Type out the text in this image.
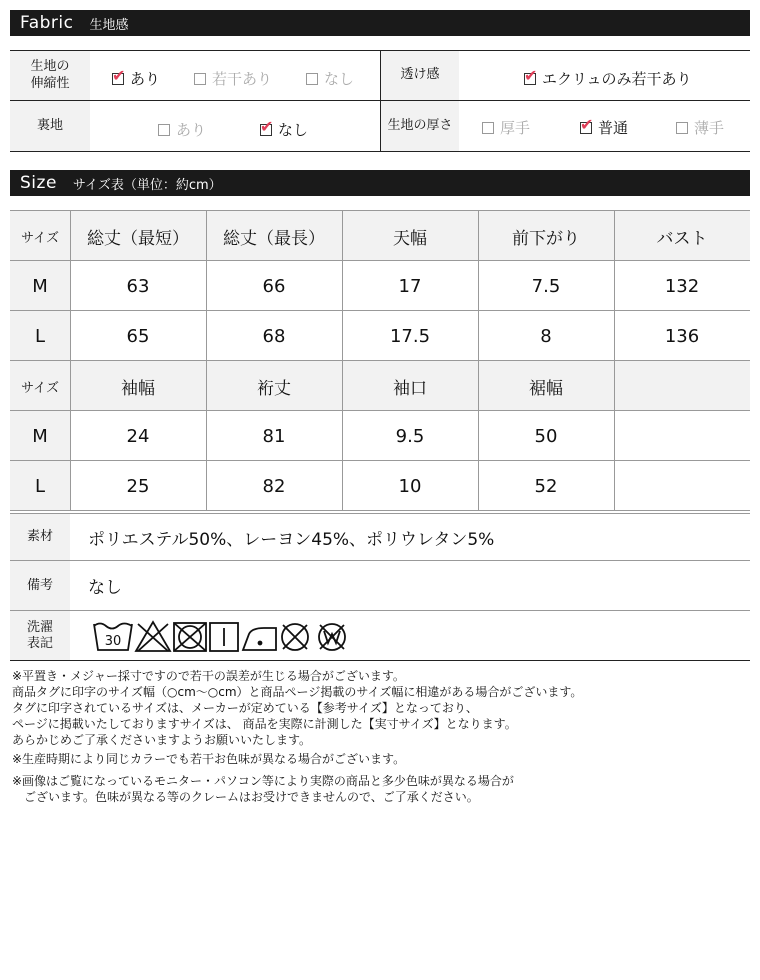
Fabric 生地感
生地の
伸縮性 ✔	あり	若干あり	なし	透け感 ✔	エクリュのみ若干あり
裏地	あり ✔	なし	生地の厚さ	厚手 ✔	普通	薄手
Size サイズ表（単位：約cm）
サイズ	総丈（最短）	総丈（最長）	天幅	前下がり	バスト
M	63	66	17	7.5	132
L	65	68	17.5	8	136
サイズ	袖幅	裄丈	袖口	裾幅
M	24	81	9.5	50
L	25	82	10	52
素材	ポリエステル50%、レーヨン45%、ポリウレタン5%
備考	なし
洗濯
表記	30
※平置き・メジャー採寸ですので若干の誤差が生じる場合がございます。
商品タグに印字のサイズ幅（○cm〜○cm）と商品ページ掲載のサイズ幅に相違がある場合がございます。
タグに印字されているサイズは、メーカーが定めている【参考サイズ】となっており、
ページに掲載いたしておりますサイズは、 商品を実際に計測した【実寸サイズ】となります。
あらかじめご了承くださいますようお願いいたします。
※生産時期により同じカラーでも若干お色味が異なる場合がございます。
※画像はご覧になっているモニター・パソコン等により実際の商品と多少色味が異なる場合が
　ございます。色味が異なる等のクレームはお受けできませんので、ご了承ください。
